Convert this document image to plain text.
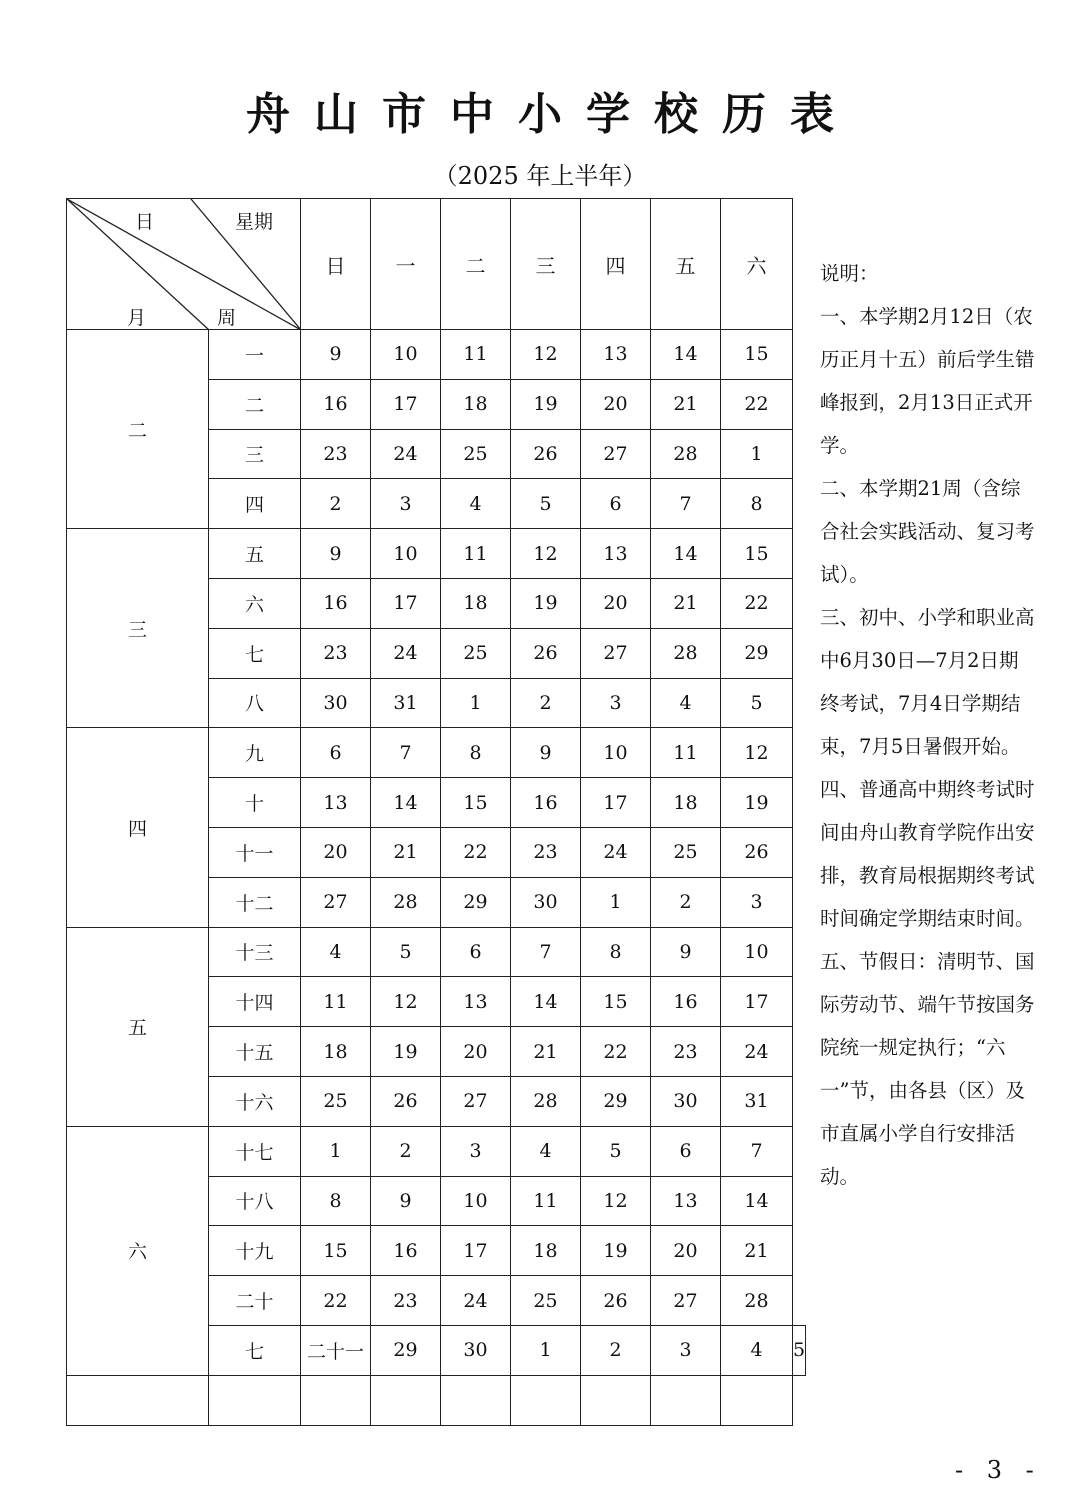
舟山市中小学校历表
（2025 年上半年）
日 星期
月 周		日	一	二	三	四	五	六	
二	一	9	10	11	12	13	14	15	
	二	16	17	18	19	20	21	22	
	三	23	24	25	26	27	28	1	
	四	2	3	4	5	6	7	8	
三	五	9	10	11	12	13	14	15	
	六	16	17	18	19	20	21	22	
	七	23	24	25	26	27	28	29	
	八	30	31	1	2	3	4	5	
四	九	6	7	8	9	10	11	12	
	十	13	14	15	16	17	18	19	
	十一	20	21	22	23	24	25	26	
	十二	27	28	29	30	1	2	3	
五	十三	4	5	6	7	8	9	10	
	十四	11	12	13	14	15	16	17	
	十五	18	19	20	21	22	23	24	
	十六	25	26	27	28	29	30	31	
六	十七	1	2	3	4	5	6	7	
	十八	8	9	10	11	12	13	14	
	十九	15	16	17	18	19	20	21	
	二十	22	23	24	25	26	27	28	
	七	二十一	29	30	1	2	3	4	5

说明：
一、本学期2月12日（农历正月十五）前后学生错峰报到，2月13日正式开学。
二、本学期21周（含综合社会实践活动、复习考试）。
三、初中、小学和职业高中6月30日—7月2日期终考试，7月4日学期结束，7月5日暑假开始。
四、普通高中期终考试时间由舟山教育学院作出安排，教育局根据期终考试时间确定学期结束时间。
五、节假日：清明节、国际劳动节、端午节按国务院统一规定执行；“六一”节，由各县（区）及市直属小学自行安排活动。
- 3 -
